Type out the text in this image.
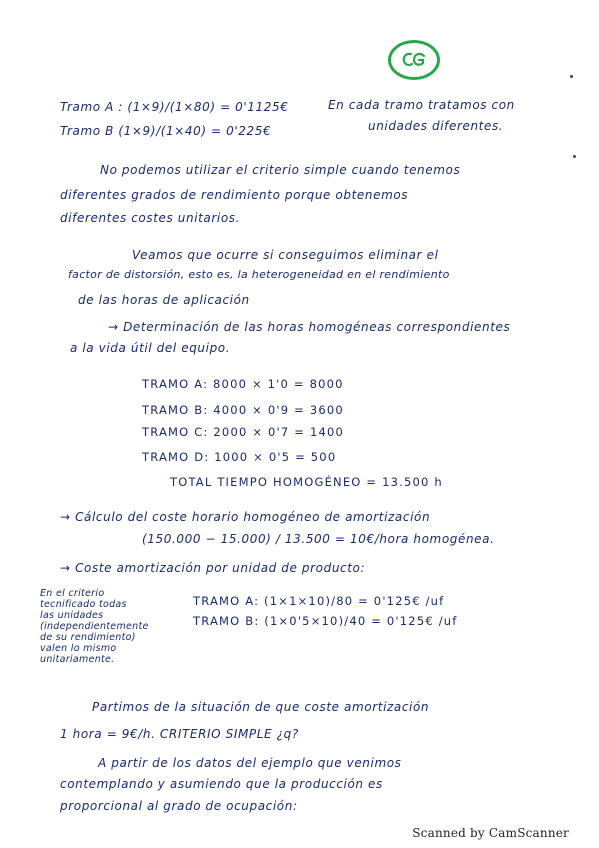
Tramo A : (1×9)/(1×80) = 0'1125€
Tramo B (1×9)/(1×40) = 0'225€
En cada tramo tratamos con
unidades diferentes.
No podemos utilizar el criterio simple cuando tenemos
diferentes grados de rendimiento porque obtenemos
diferentes costes unitarios.
Veamos que ocurre si conseguimos eliminar el
factor de distorsión, esto es, la heterogeneidad en el rendimiento
de las horas de aplicación
→ Determinación de las horas homogéneas correspondientes
a la vida útil del equipo.
TRAMO A: 8000 × 1'0 = 8000
TRAMO B: 4000 × 0'9 = 3600
TRAMO C: 2000 × 0'7 = 1400
TRAMO D: 1000 × 0'5 = 500
TOTAL TIEMPO HOMOGÉNEO = 13.500 h
→ Cálculo del coste horario homogéneo de amortización
(150.000 − 15.000) / 13.500 = 10€/hora homogénea.
→ Coste amortización por unidad de producto:
En el criterio
tecnificado todas
las unidades
(independientemente
de su rendimiento)
valen lo mismo
unitariamente.
TRAMO A: (1×1×10)/80 = 0'125€ /uf
TRAMO B: (1×0'5×10)/40 = 0'125€ /uf
Partimos de la situación de que coste amortización
1 hora = 9€/h. CRITERIO SIMPLE ¿q?
A partir de los datos del ejemplo que venimos
contemplando y asumiendo que la producción es
proporcional al grado de ocupación:
Scanned by CamScanner
